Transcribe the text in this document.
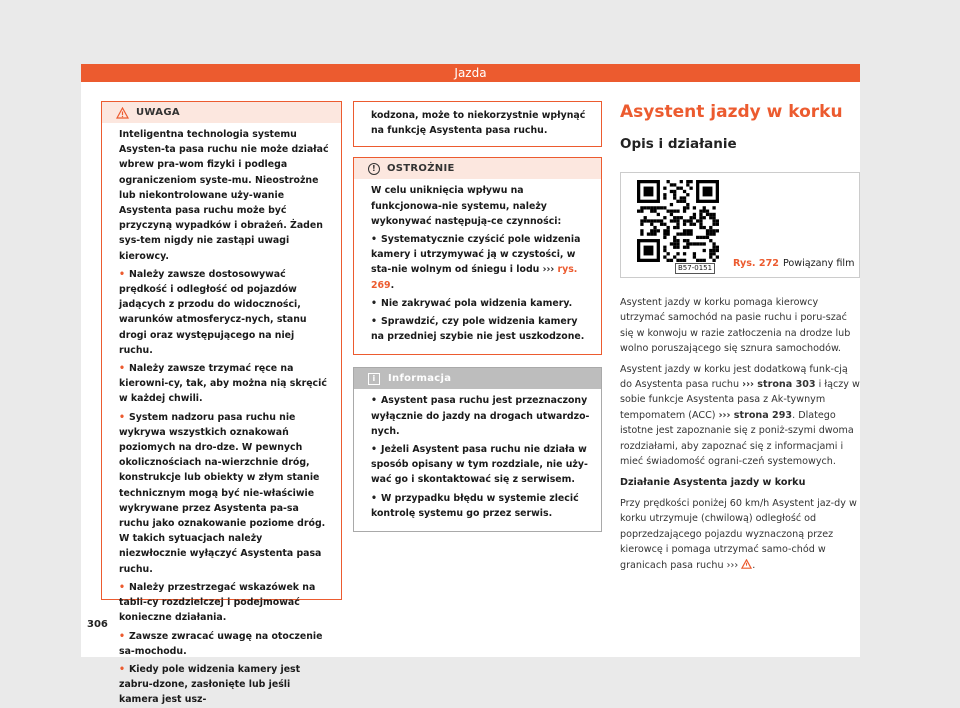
Jazda
UWAGA

Inteligentna technologia systemu Asysten-ta pasa ruchu nie może działać wbrew pra-wom fizyki i podlega ograniczeniom syste-mu. Nieostrożne lub niekontrolowane uży-wanie Asystenta pasa ruchu może być przyczyną wypadków i obrażeń. Żaden sys-tem nigdy nie zastąpi uwagi kierowcy.

• Należy zawsze dostosowywać prędkość i odległość od pojazdów jadących z przodu do widoczności, warunków atmosferycz-nych, stanu drogi oraz występującego na niej ruchu.

• Należy zawsze trzymać ręce na kierowni-cy, tak, aby można nią skręcić w każdej chwili.

• System nadzoru pasa ruchu nie wykrywa wszystkich oznakowań poziomych na dro-dze. W pewnych okolicznościach na-wierzchnie dróg, konstrukcje lub obiekty w złym stanie technicznym mogą być nie-właściwie wykrywane przez Asystenta pa-sa ruchu jako oznakowanie poziome dróg. W takich sytuacjach należy niezwłocznie wyłączyć Asystenta pasa ruchu.

• Należy przestrzegać wskazówek na tabli-cy rozdzielczej i podejmować konieczne działania.

• Zawsze zwracać uwagę na otoczenie sa-mochodu.

• Kiedy pole widzenia kamery jest zabru-dzone, zasłonięte lub jeśli kamera jest usz-

kodzona, może to niekorzystnie wpłynąć na funkcję Asystenta pasa ruchu.
!	OSTROŻNIE

W celu uniknięcia wpływu na funkcjonowa-nie systemu, należy wykonywać następują-ce czynności:

• Systematycznie czyścić pole widzenia kamery i utrzymywać ją w czystości, w sta-nie wolnym od śniegu i lodu ››› rys. 269.

• Nie zakrywać pola widzenia kamery.

• Sprawdzić, czy pole widzenia kamery na przedniej szybie nie jest uszkodzone.

i	Informacja

• Asystent pasa ruchu jest przeznaczony wyłącznie do jazdy na drogach utwardzo-nych.

• Jeżeli Asystent pasa ruchu nie działa w sposób opisany w tym rozdziale, nie uży-wać go i skontaktować się z serwisem.

• W przypadku błędu w systemie zlecić kontrolę systemu go przez serwis.

Asystent jazdy w korku
Opis i działanie
B57-0151	Rys. 272 Powiązany film

Asystent jazdy w korku pomaga kierowcy utrzymać samochód na pasie ruchu i poru-szać się w konwoju w razie zatłoczenia na drodze lub wolno poruszającego się sznura samochodów.

Asystent jazdy w korku jest dodatkową funk-cją do Asystenta pasa ruchu ››› strona 303 i łączy w sobie funkcje Asystenta pasa z Ak-tywnym tempomatem (ACC) ››› strona 293. Dlatego istotne jest zapoznanie się z poniż-szymi dwoma rozdziałami, aby zapoznać się z informacjami i mieć świadomość ograni-czeń systemowych.

Działanie Asystenta jazdy w korku

Przy prędkości poniżej 60 km/h Asystent jaz-dy w korku utrzymuje (chwilową) odległość od poprzedzającego pojazdu wyznaczoną przez kierowcę i pomaga utrzymać samo-chód w granicach pasa ruchu ››› .

306
